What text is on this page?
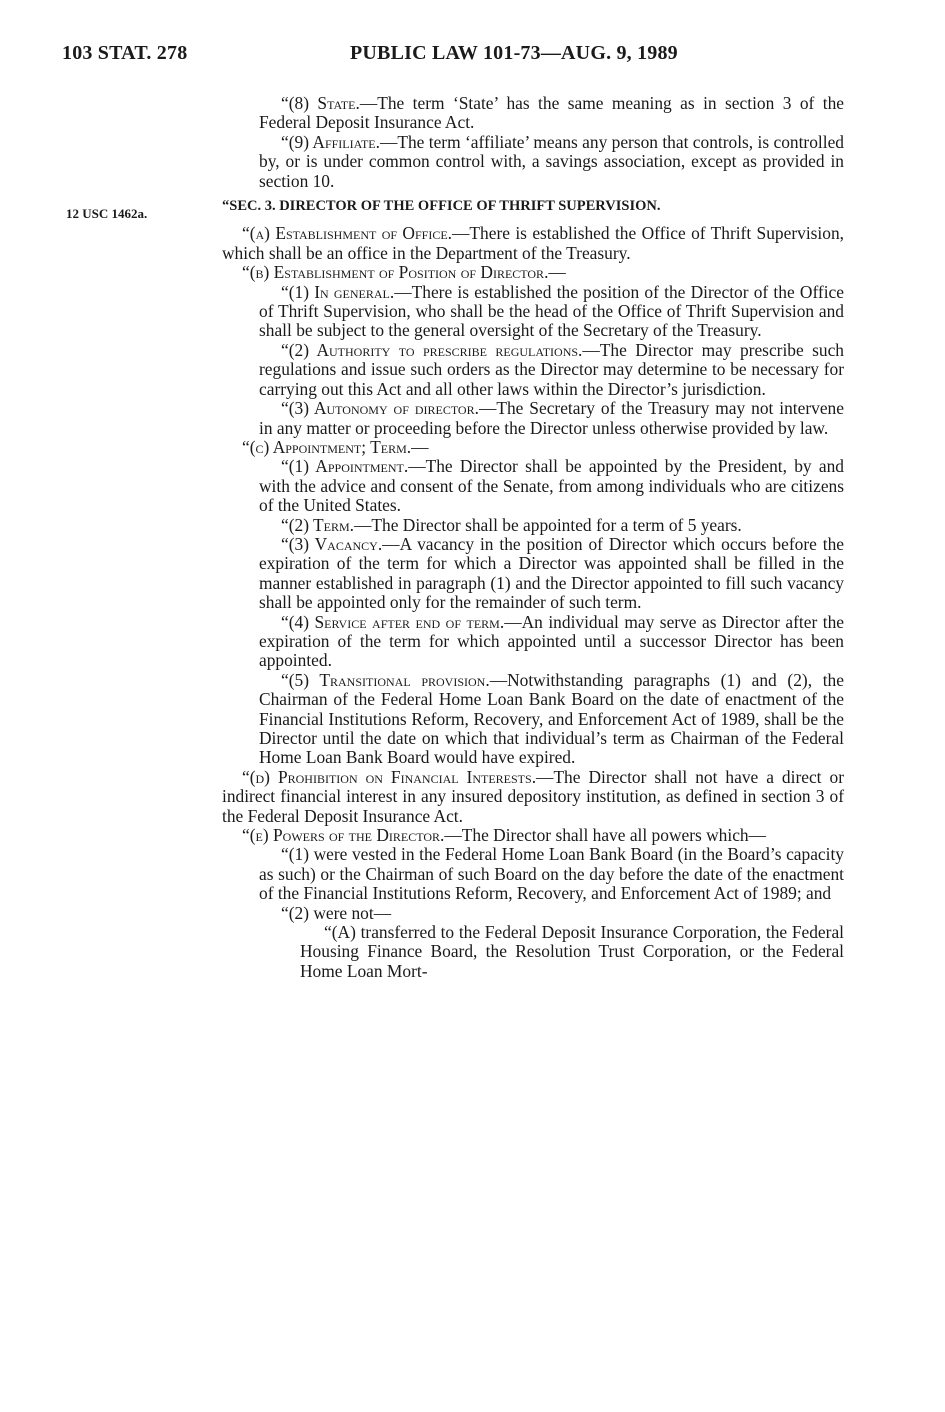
103 STAT. 278	PUBLIC LAW 101-73—AUG. 9, 1989
12 USC 1462a.

“(8) State.—The term ‘State’ has the same meaning as in section 3 of the Federal Deposit Insurance Act.

“(9) Affiliate.—The term ‘affiliate’ means any person that controls, is controlled by, or is under common control with, a savings association, except as provided in section 10.

“SEC. 3. DIRECTOR OF THE OFFICE OF THRIFT SUPERVISION.

“(a) Establishment of Office.—There is established the Office of Thrift Supervision, which shall be an office in the Department of the Treasury.

“(b) Establishment of Position of Director.—

“(1) In general.—There is established the position of the Director of the Office of Thrift Supervision, who shall be the head of the Office of Thrift Supervision and shall be subject to the general oversight of the Secretary of the Treasury.

“(2) Authority to prescribe regulations.—The Director may prescribe such regulations and issue such orders as the Director may determine to be necessary for carrying out this Act and all other laws within the Director’s jurisdiction.

“(3) Autonomy of director.—The Secretary of the Treasury may not intervene in any matter or proceeding before the Director unless otherwise provided by law.

“(c) Appointment; Term.—

“(1) Appointment.—The Director shall be appointed by the President, by and with the advice and consent of the Senate, from among individuals who are citizens of the United States.

“(2) Term.—The Director shall be appointed for a term of 5 years.

“(3) Vacancy.—A vacancy in the position of Director which occurs before the expiration of the term for which a Director was appointed shall be filled in the manner established in paragraph (1) and the Director appointed to fill such vacancy shall be appointed only for the remainder of such term.

“(4) Service after end of term.—An individual may serve as Director after the expiration of the term for which appointed until a successor Director has been appointed.

“(5) Transitional provision.—Notwithstanding paragraphs (1) and (2), the Chairman of the Federal Home Loan Bank Board on the date of enactment of the Financial Institutions Reform, Recovery, and Enforcement Act of 1989, shall be the Director until the date on which that individual’s term as Chairman of the Federal Home Loan Bank Board would have expired.

“(d) Prohibition on Financial Interests.—The Director shall not have a direct or indirect financial interest in any insured depository institution, as defined in section 3 of the Federal Deposit Insurance Act.

“(e) Powers of the Director.—The Director shall have all powers which—

“(1) were vested in the Federal Home Loan Bank Board (in the Board’s capacity as such) or the Chairman of such Board on the day before the date of the enactment of the Financial Institutions Reform, Recovery, and Enforcement Act of 1989; and

“(2) were not—

“(A) transferred to the Federal Deposit Insurance Corporation, the Federal Housing Finance Board, the Resolution Trust Corporation, or the Federal Home Loan Mort-
